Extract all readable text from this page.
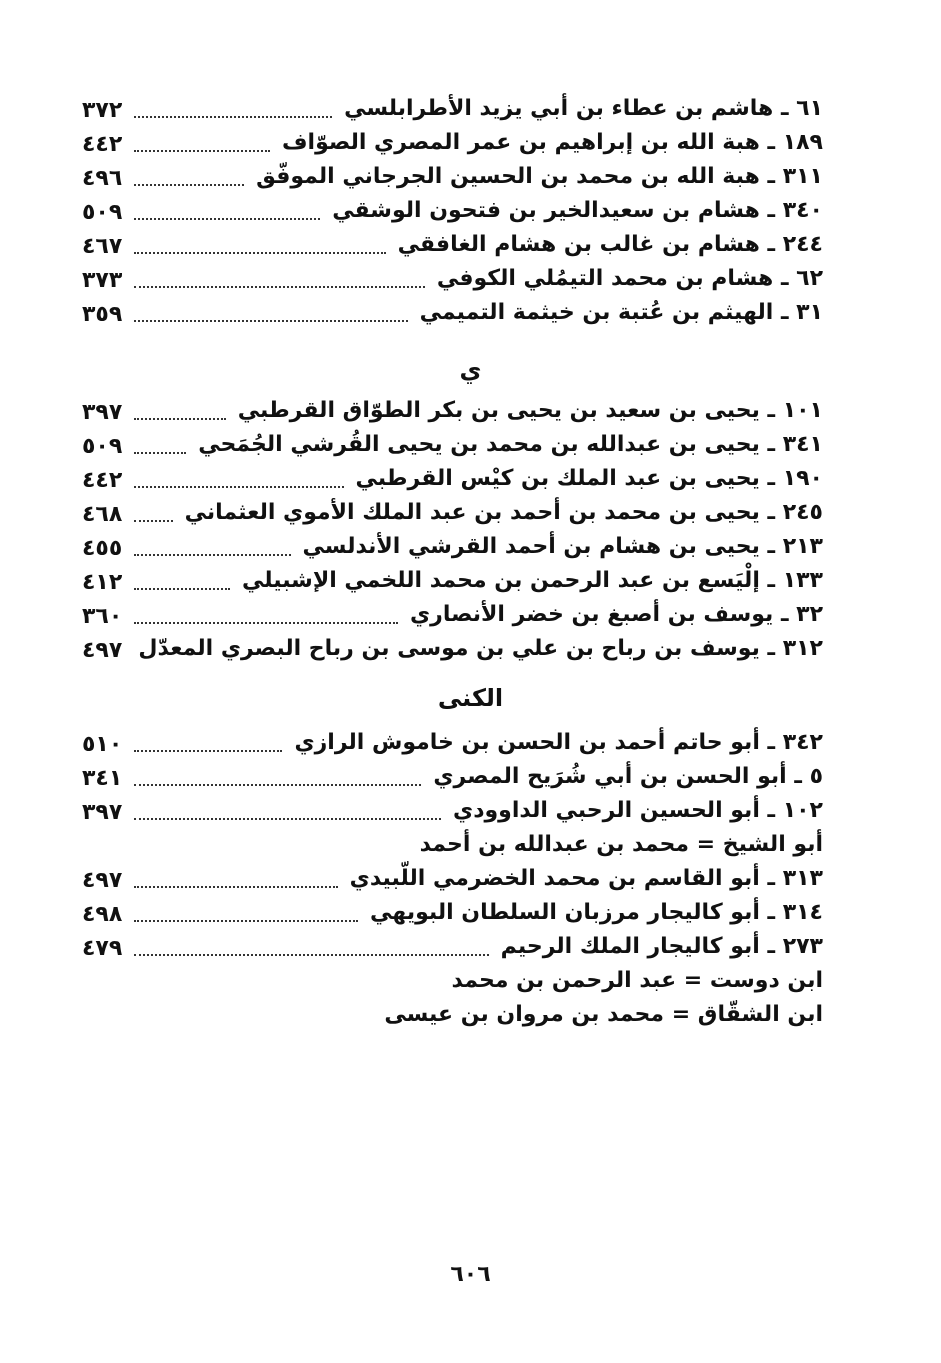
٦١ ـ هاشم بن عطاء بن أبي يزيد الأطرابلسي
٣٧٢
١٨٩ ـ هبة الله بن إبراهيم بن عمر المصري الصوّاف
٤٤٢
٣١١ ـ هبة الله بن محمد بن الحسين الجرجاني الموفّق
٤٩٦
٣٤٠ ـ هشام بن سعيدالخير بن فتحون الوشقي
٥٠٩
٢٤٤ ـ هشام بن غالب بن هشام الغافقي
٤٦٧
٦٢ ـ هشام بن محمد التيمُلي الكوفي
٣٧٣
٣١ ـ الهيثم بن عُتبة بن خيثمة التميمي
٣٥٩
ي
١٠١ ـ يحيى بن سعيد بن يحيى بن بكر الطوّاق القرطبي
٣٩٧
٣٤١ ـ يحيى بن عبدالله بن محمد بن يحيى القُرشي الجُمَحي
٥٠٩
١٩٠ ـ يحيى بن عبد الملك بن كيْس القرطبي
٤٤٢
٢٤٥ ـ يحيى بن محمد بن أحمد بن عبد الملك الأموي العثماني
٤٦٨
٢١٣ ـ يحيى بن هشام بن أحمد القرشي الأندلسي
٤٥٥
١٣٣ ـ إلْيَسع بن عبد الرحمن بن محمد اللخمي الإشبيلي
٤١٢
٣٢ ـ يوسف بن أصبغ بن خضر الأنصاري
٣٦٠
٣١٢ ـ يوسف بن رباح بن علي بن موسى بن رباح البصري المعدّل
٤٩٧
الكنى
٣٤٢ ـ أبو حاتم أحمد بن الحسن بن خاموش الرازي
٥١٠
٥ ـ أبو الحسن بن أبي شُرَيح المصري
٣٤١
١٠٢ ـ أبو الحسين الرحبي الداوودي
٣٩٧
أبو الشيخ = محمد بن عبدالله بن أحمد
٣١٣ ـ أبو القاسم بن محمد الخضرمي اللّبيدي
٤٩٧
٣١٤ ـ أبو كاليجار مرزبان السلطان البويهي
٤٩٨
٢٧٣ ـ أبو كاليجار الملك الرحيم
٤٧٩
ابن دوست = عبد الرحمن بن محمد
ابن الشقّاق = محمد بن مروان بن عيسى
٦٠٦
